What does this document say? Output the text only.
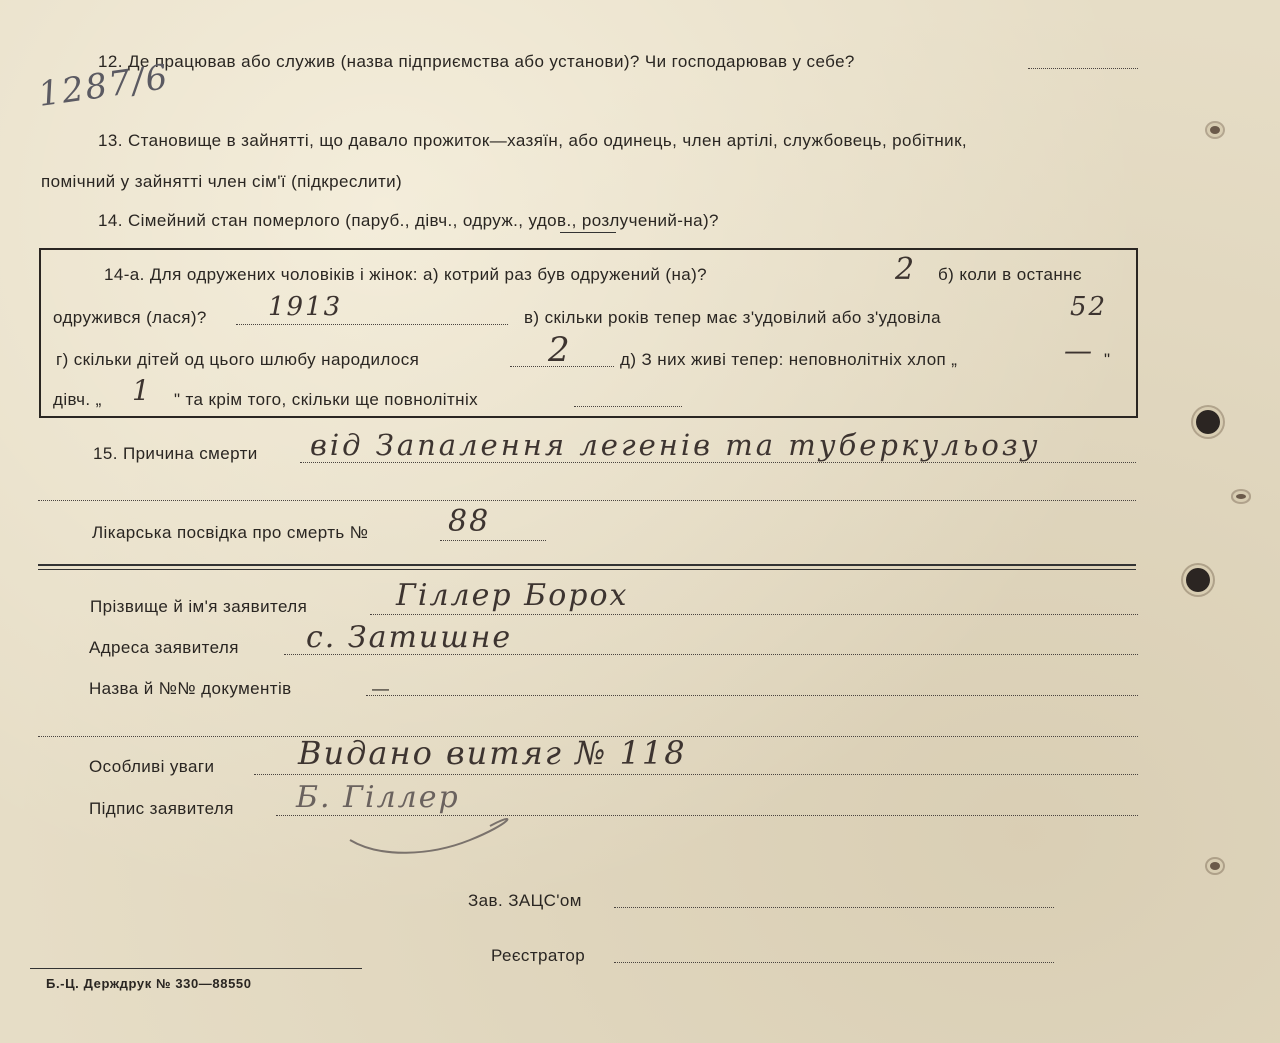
12. Де працював або служив (назва підприємства або установи)? Чи господарював у себе?
1287/6
13. Становище в зайнятті, що давало прожиток—хазяїн, або одинець, член артілі, службовець, робітник,
помічний у зайнятті член сім'ї (підкреслити)
14. Сімейний стан померлого (паруб., дівч., одруж., удов., розлучений-на)?
14-а. Для одружених чоловіків і жінок: а) котрий раз був одружений (на)?	2 б) коли в останнє
одружився (лася)? 1913	в) скільки років тепер має з'удовілий або з'удовіла	52
г) скільки дітей од цього шлюбу народилося	2	д) З них живі тепер: неповнолітніх хлоп „	— "
дівч. „ 1 " та крім того, скільки ще повнолітніх
15. Причина смерти від Запалення легенів та туберкульозу
Лікарська посвідка про смерть №	88
Прізвище й ім'я заявителя	Гіллер Борох
Адреса заявителя с. Затишне
Назва й №№ документів	—
Особливі уваги	Видано витяг № 118
Підпис заявителя Б. Гіллер
Зав. ЗАЦС'ом
Реєстратор
Б.-Ц. Держдрук № 330—88550
